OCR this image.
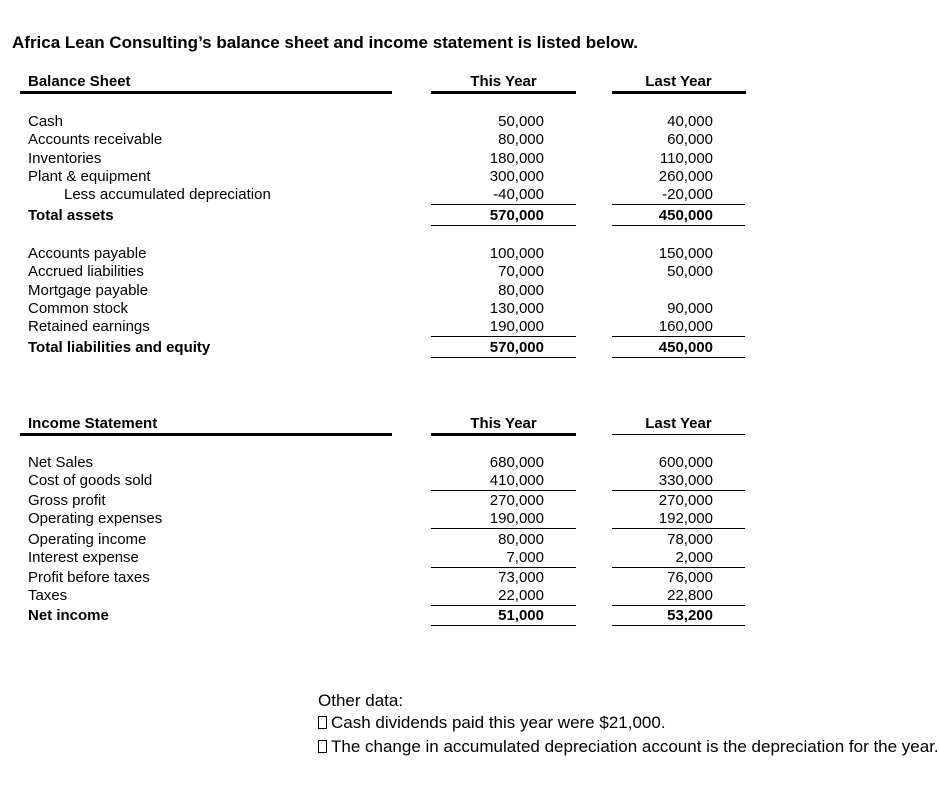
Africa Lean Consulting’s balance sheet and income statement is listed below.
Balance Sheet	This Year	Last Year
Cash	50,000	40,000
Accounts receivable	80,000	60,000
Inventories	180,000	110,000
Plant & equipment	300,000	260,000
Less accumulated depreciation	-40,000	-20,000
Total assets	570,000	450,000
Accounts payable	100,000	150,000
Accrued liabilities	70,000	50,000
Mortgage payable	80,000
Common stock	130,000	90,000
Retained earnings	190,000	160,000
Total liabilities and equity	570,000	450,000
Income Statement	This Year	Last Year
Net Sales	680,000	600,000
Cost of goods sold	410,000	330,000
Gross profit	270,000	270,000
Operating expenses	190,000	192,000
Operating income	80,000	78,000
Interest expense	7,000	2,000
Profit before taxes	73,000	76,000
Taxes	22,000	22,800
Net income	51,000	53,200
Other data:
Cash dividends paid this year were $21,000.
The change in accumulated depreciation account is the depreciation for the year.
